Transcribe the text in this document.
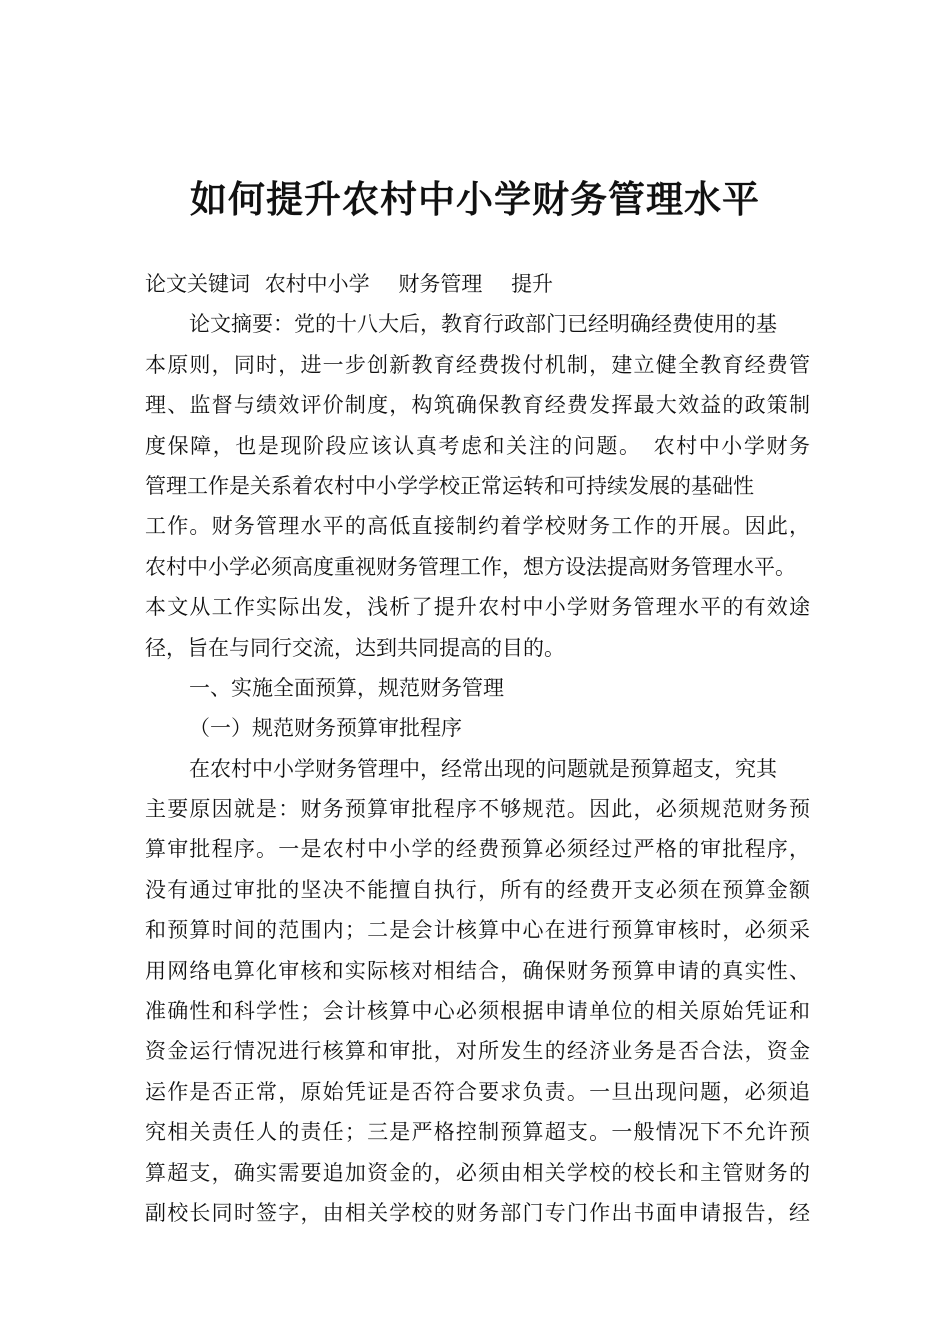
如何提升农村中小学财务管理水平
论文关键词 农村中小学 财务管理 提升
论文摘要：党的十八大后，教育行政部门已经明确经费使用的基
本原则，同时，进一步创新教育经费拨付机制，建立健全教育经费管
理、监督与绩效评价制度，构筑确保教育经费发挥最大效益的政策制
度保障，也是现阶段应该认真考虑和关注的问题。　农村中小学财务
管理工作是关系着农村中小学学校正常运转和可持续发展的基础性
工作。财务管理水平的高低直接制约着学校财务工作的开展。因此，
农村中小学必须高度重视财务管理工作，想方设法提高财务管理水平。
本文从工作实际出发，浅析了提升农村中小学财务管理水平的有效途
径，旨在与同行交流，达到共同提高的目的。
一、实施全面预算，规范财务管理
（一）规范财务预算审批程序
在农村中小学财务管理中，经常出现的问题就是预算超支，究其
主要原因就是：财务预算审批程序不够规范。因此，必须规范财务预
算审批程序。一是农村中小学的经费预算必须经过严格的审批程序，
没有通过审批的坚决不能擅自执行，所有的经费开支必须在预算金额
和预算时间的范围内；二是会计核算中心在进行预算审核时，必须采
用网络电算化审核和实际核对相结合，确保财务预算申请的真实性、
准确性和科学性；会计核算中心必须根据申请单位的相关原始凭证和
资金运行情况进行核算和审批，对所发生的经济业务是否合法，资金
运作是否正常，原始凭证是否符合要求负责。一旦出现问题，必须追
究相关责任人的责任；三是严格控制预算超支。一般情况下不允许预
算超支，确实需要追加资金的，必须由相关学校的校长和主管财务的
副校长同时签字，由相关学校的财务部门专门作出书面申请报告，经
